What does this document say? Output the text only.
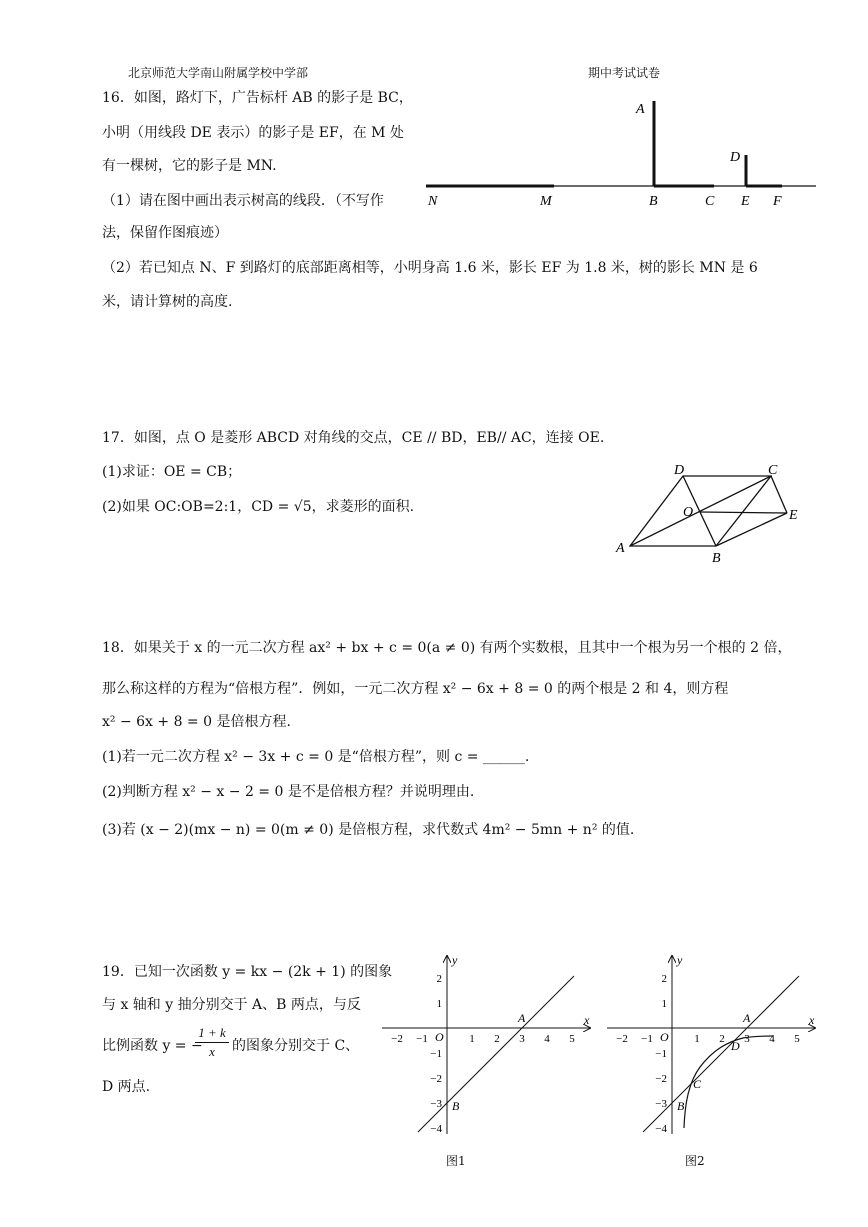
北京师范大学南山附属学校中学部	期中考试试卷
16．如图，路灯下，广告标杆 AB 的影子是 BC，
小明（用线段 DE 表示）的影子是 EF，在 M 处
有一棵树，它的影子是 MN.
（1）请在图中画出表示树高的线段．（不写作
法，保留作图痕迹）
（2）若已知点 N、F 到路灯的底部距离相等，小明身高 1.6 米，影长 EF 为 1.8 米，树的影长 MN 是 6
米，请计算树的高度.
A
D
N	M	B	C E F
17．如图，点 O 是菱形 ABCD 对角线的交点，CE // BD，EB// AC，连接 OE.
(1)求证：OE = CB；
(2)如果 OC:OB=2:1，CD = √5，求菱形的面积.
D	C
O	E
A
B
18．如果关于 x 的一元二次方程 ax² + bx + c = 0(a ≠ 0) 有两个实数根，且其中一个根为另一个根的 2 倍，
那么称这样的方程为“倍根方程”．例如，一元二次方程 x² − 6x + 8 = 0 的两个根是 2 和 4，则方程
x² − 6x + 8 = 0 是倍根方程.
(1)若一元二次方程 x² − 3x + c = 0 是“倍根方程”，则 c = ______.
(2)判断方程 x² − x − 2 = 0 是不是倍根方程？并说明理由.
(3)若 (x − 2)(mx − n) = 0(m ≠ 0) 是倍根方程，求代数式 4m² − 5mn + n² 的值.
19．已知一次函数 y = kx − (2k + 1) 的图象
与 x 轴和 y 抽分别交于 A、B 两点，与反
比例函数 y = −
1 + k
x	的图象分别交于 C、
D 两点.
x
y
O
A
B
−2 −1	1 2 3 4 5
2
1
−1
−2
−3
−4
图1
x
y
O
A
B
C
D
−2 −1	1 2 3 4 5
2
1
−1
−2
−3
−4
图2
